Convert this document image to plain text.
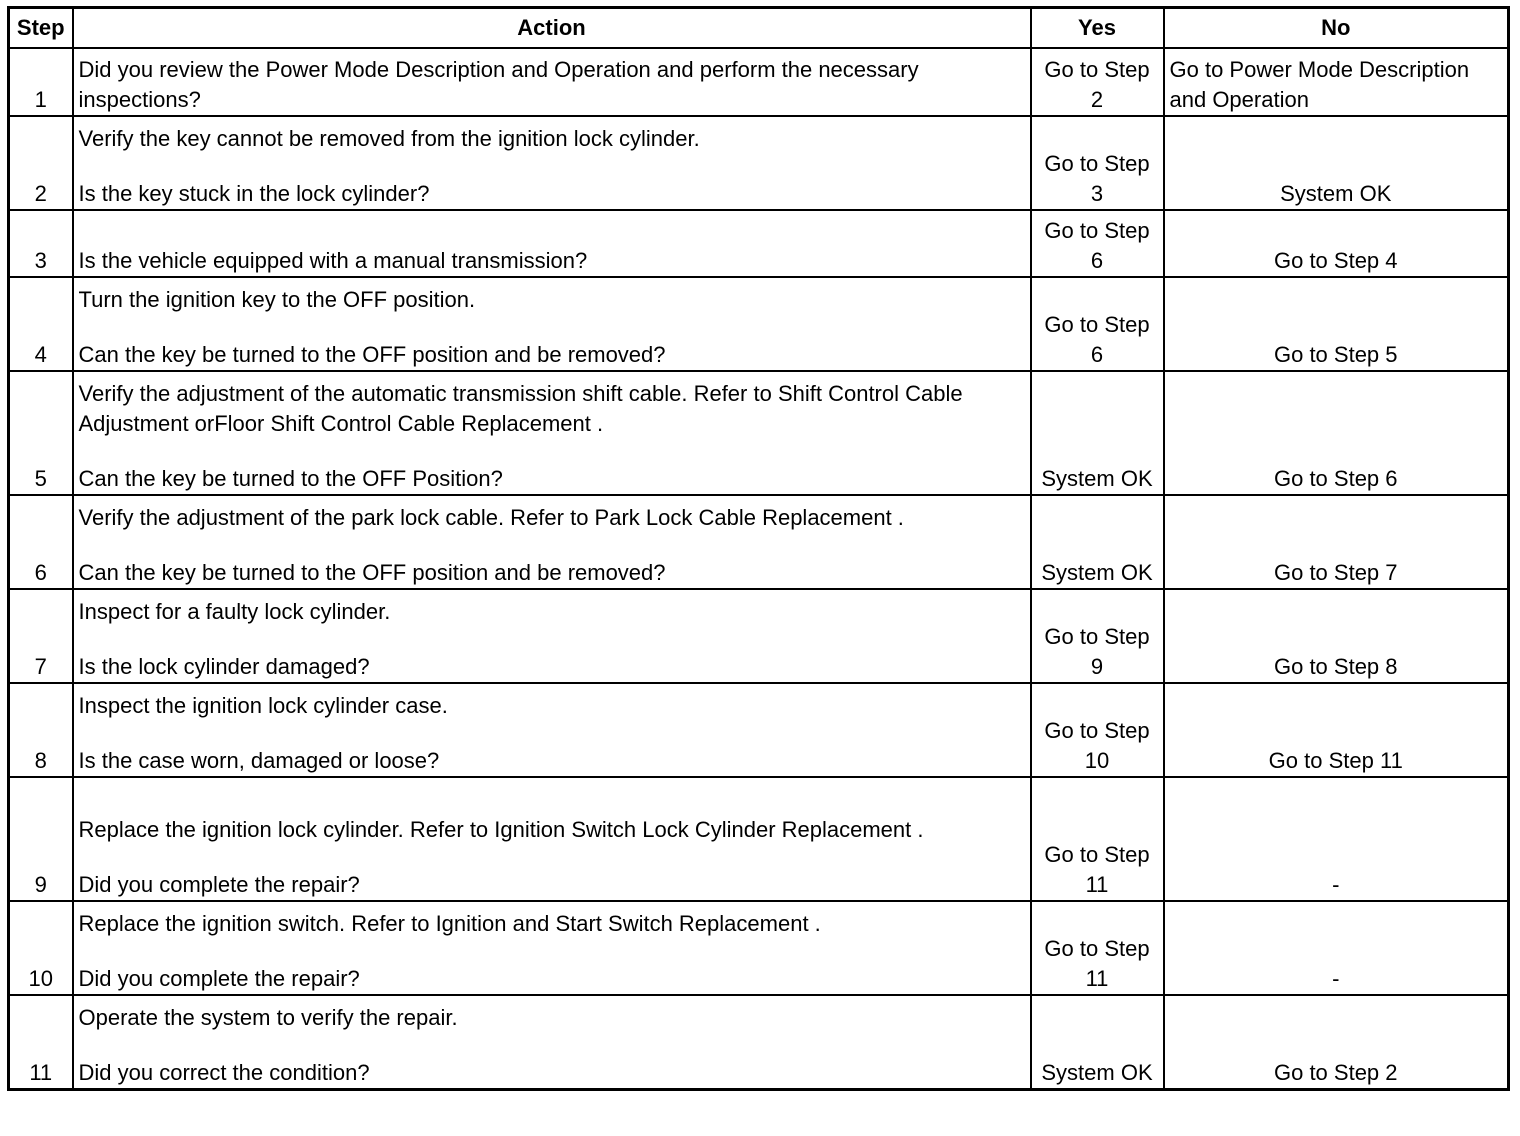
Step	Action	Yes	No
1	Did you review the Power Mode Description and Operation and perform the necessary inspections?	Go to Step 2	Go to Power Mode Description and Operation
2	Verify the key cannot be removed from the ignition lock cylinder.
Is the key stuck in the lock cylinder?	Go to Step 3	System OK
3	Is the vehicle equipped with a manual transmission?	Go to Step 6	Go to Step 4
4	Turn the ignition key to the OFF position.
Can the key be turned to the OFF position and be removed?	Go to Step 6	Go to Step 5
5	Verify the adjustment of the automatic transmission shift cable. Refer to Shift Control Cable Adjustment orFloor Shift Control Cable Replacement .
Can the key be turned to the OFF Position?	System OK	Go to Step 6
6	Verify the adjustment of the park lock cable. Refer to Park Lock Cable Replacement .
Can the key be turned to the OFF position and be removed?	System OK	Go to Step 7
7	Inspect for a faulty lock cylinder.
Is the lock cylinder damaged?	Go to Step 9	Go to Step 8
8	Inspect the ignition lock cylinder case.
Is the case worn, damaged or loose?	Go to Step 10	Go to Step 11
9	Replace the ignition lock cylinder. Refer to Ignition Switch Lock Cylinder Replacement .
Did you complete the repair?	Go to Step 11	-
10	Replace the ignition switch. Refer to Ignition and Start Switch Replacement .
Did you complete the repair?	Go to Step 11	-
11	Operate the system to verify the repair.
Did you correct the condition?	System OK	Go to Step 2
